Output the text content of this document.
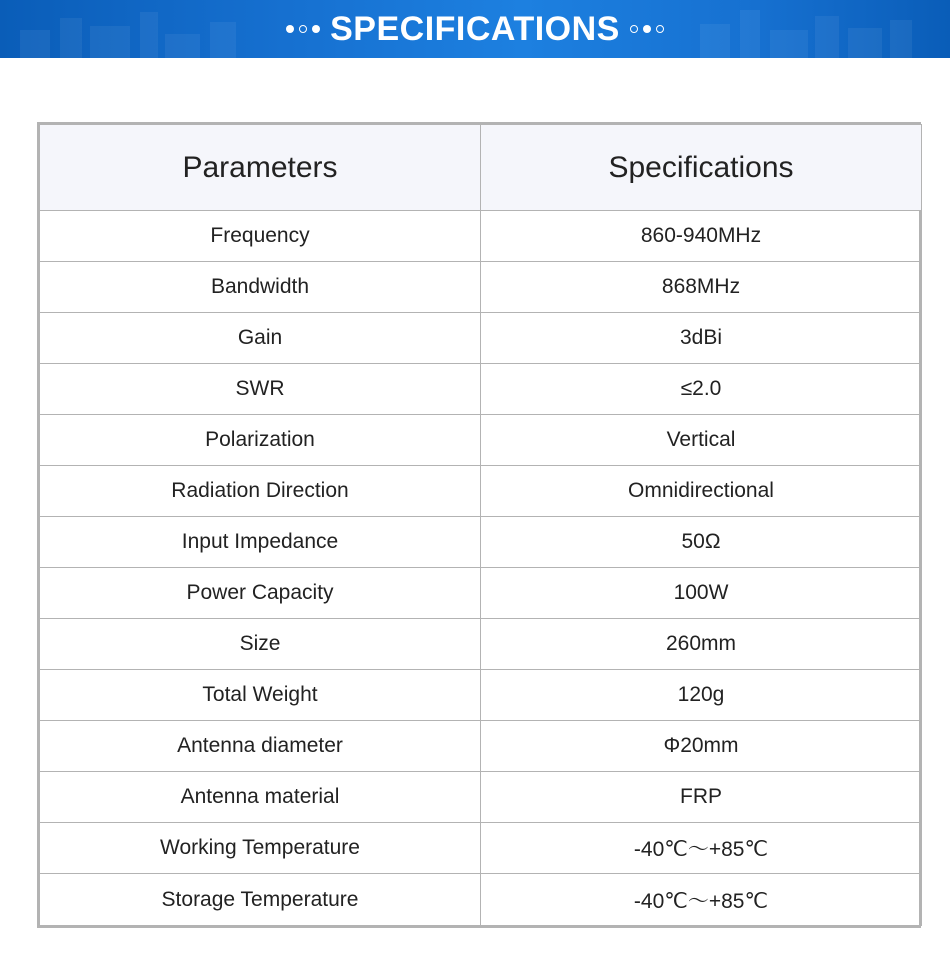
SPECIFICATIONS
Parameters	Specifications
Frequency	860-940MHz
Bandwidth	868MHz
Gain	3dBi
SWR	≤2.0
Polarization	Vertical
Radiation Direction	Omnidirectional
Input Impedance	50Ω
Power Capacity	100W
Size	260mm
Total Weight	120g
Antenna diameter	Φ20mm
Antenna material	FRP
Working Temperature	-40℃～+85℃
Storage Temperature	-40℃～+85℃
